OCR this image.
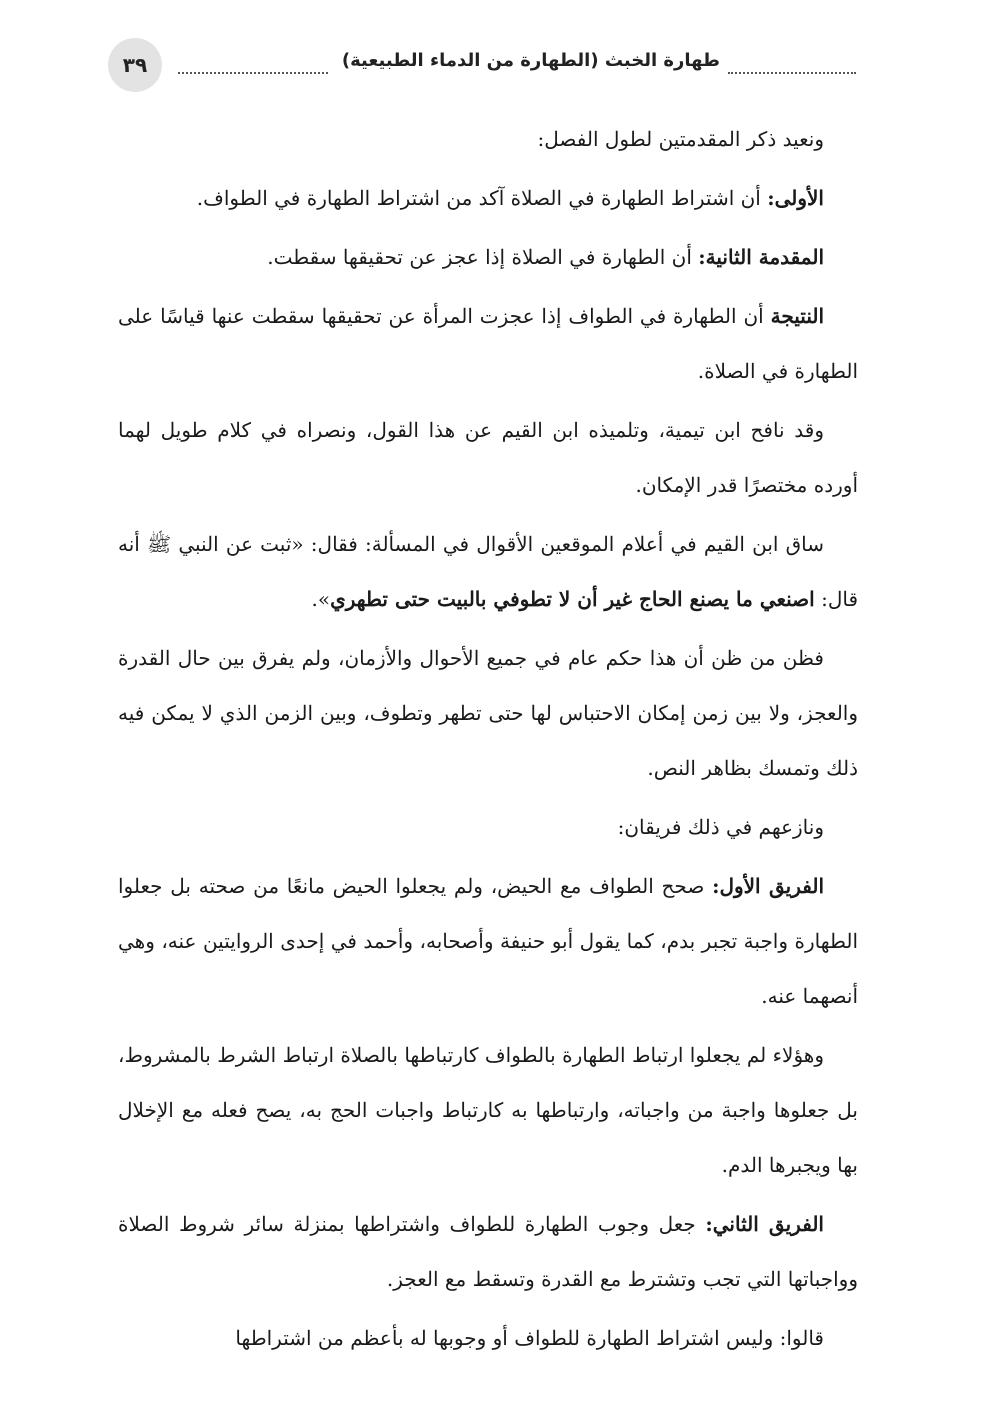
٣٩	طهارة الخبث (الطهارة من الدماء الطبيعية)

ونعيد ذكر المقدمتين لطول الفصل:

الأولى: أن اشتراط الطهارة في الصلاة آكد من اشتراط الطهارة في الطواف.

المقدمة الثانية: أن الطهارة في الصلاة إذا عجز عن تحقيقها سقطت.

النتيجة أن الطهارة في الطواف إذا عجزت المرأة عن تحقيقها سقطت عنها قياسًا على الطهارة في الصلاة.

وقد نافح ابن تيمية، وتلميذه ابن القيم عن هذا القول، ونصراه في كلام طويل لهما أورده مختصرًا قدر الإمكان.

ساق ابن القيم في أعلام الموقعين الأقوال في المسألة: فقال: «ثبت عن النبي ﷺ أنه قال: اصنعي ما يصنع الحاج غير أن لا تطوفي بالبيت حتى تطهري».

فظن من ظن أن هذا حكم عام في جميع الأحوال والأزمان، ولم يفرق بين حال القدرة والعجز، ولا بين زمن إمكان الاحتباس لها حتى تطهر وتطوف، وبين الزمن الذي لا يمكن فيه ذلك وتمسك بظاهر النص.

ونازعهم في ذلك فريقان:

الفريق الأول: صحح الطواف مع الحيض، ولم يجعلوا الحيض مانعًا من صحته بل جعلوا الطهارة واجبة تجبر بدم، كما يقول أبو حنيفة وأصحابه، وأحمد في إحدى الروايتين عنه، وهي أنصهما عنه.

وهؤلاء لم يجعلوا ارتباط الطهارة بالطواف كارتباطها بالصلاة ارتباط الشرط بالمشروط، بل جعلوها واجبة من واجباته، وارتباطها به كارتباط واجبات الحج به، يصح فعله مع الإخلال بها ويجبرها الدم.

الفريق الثاني: جعل وجوب الطهارة للطواف واشتراطها بمنزلة سائر شروط الصلاة وواجباتها التي تجب وتشترط مع القدرة وتسقط مع العجز.

قالوا: وليس اشتراط الطهارة للطواف أو وجوبها له بأعظم من اشتراطها
